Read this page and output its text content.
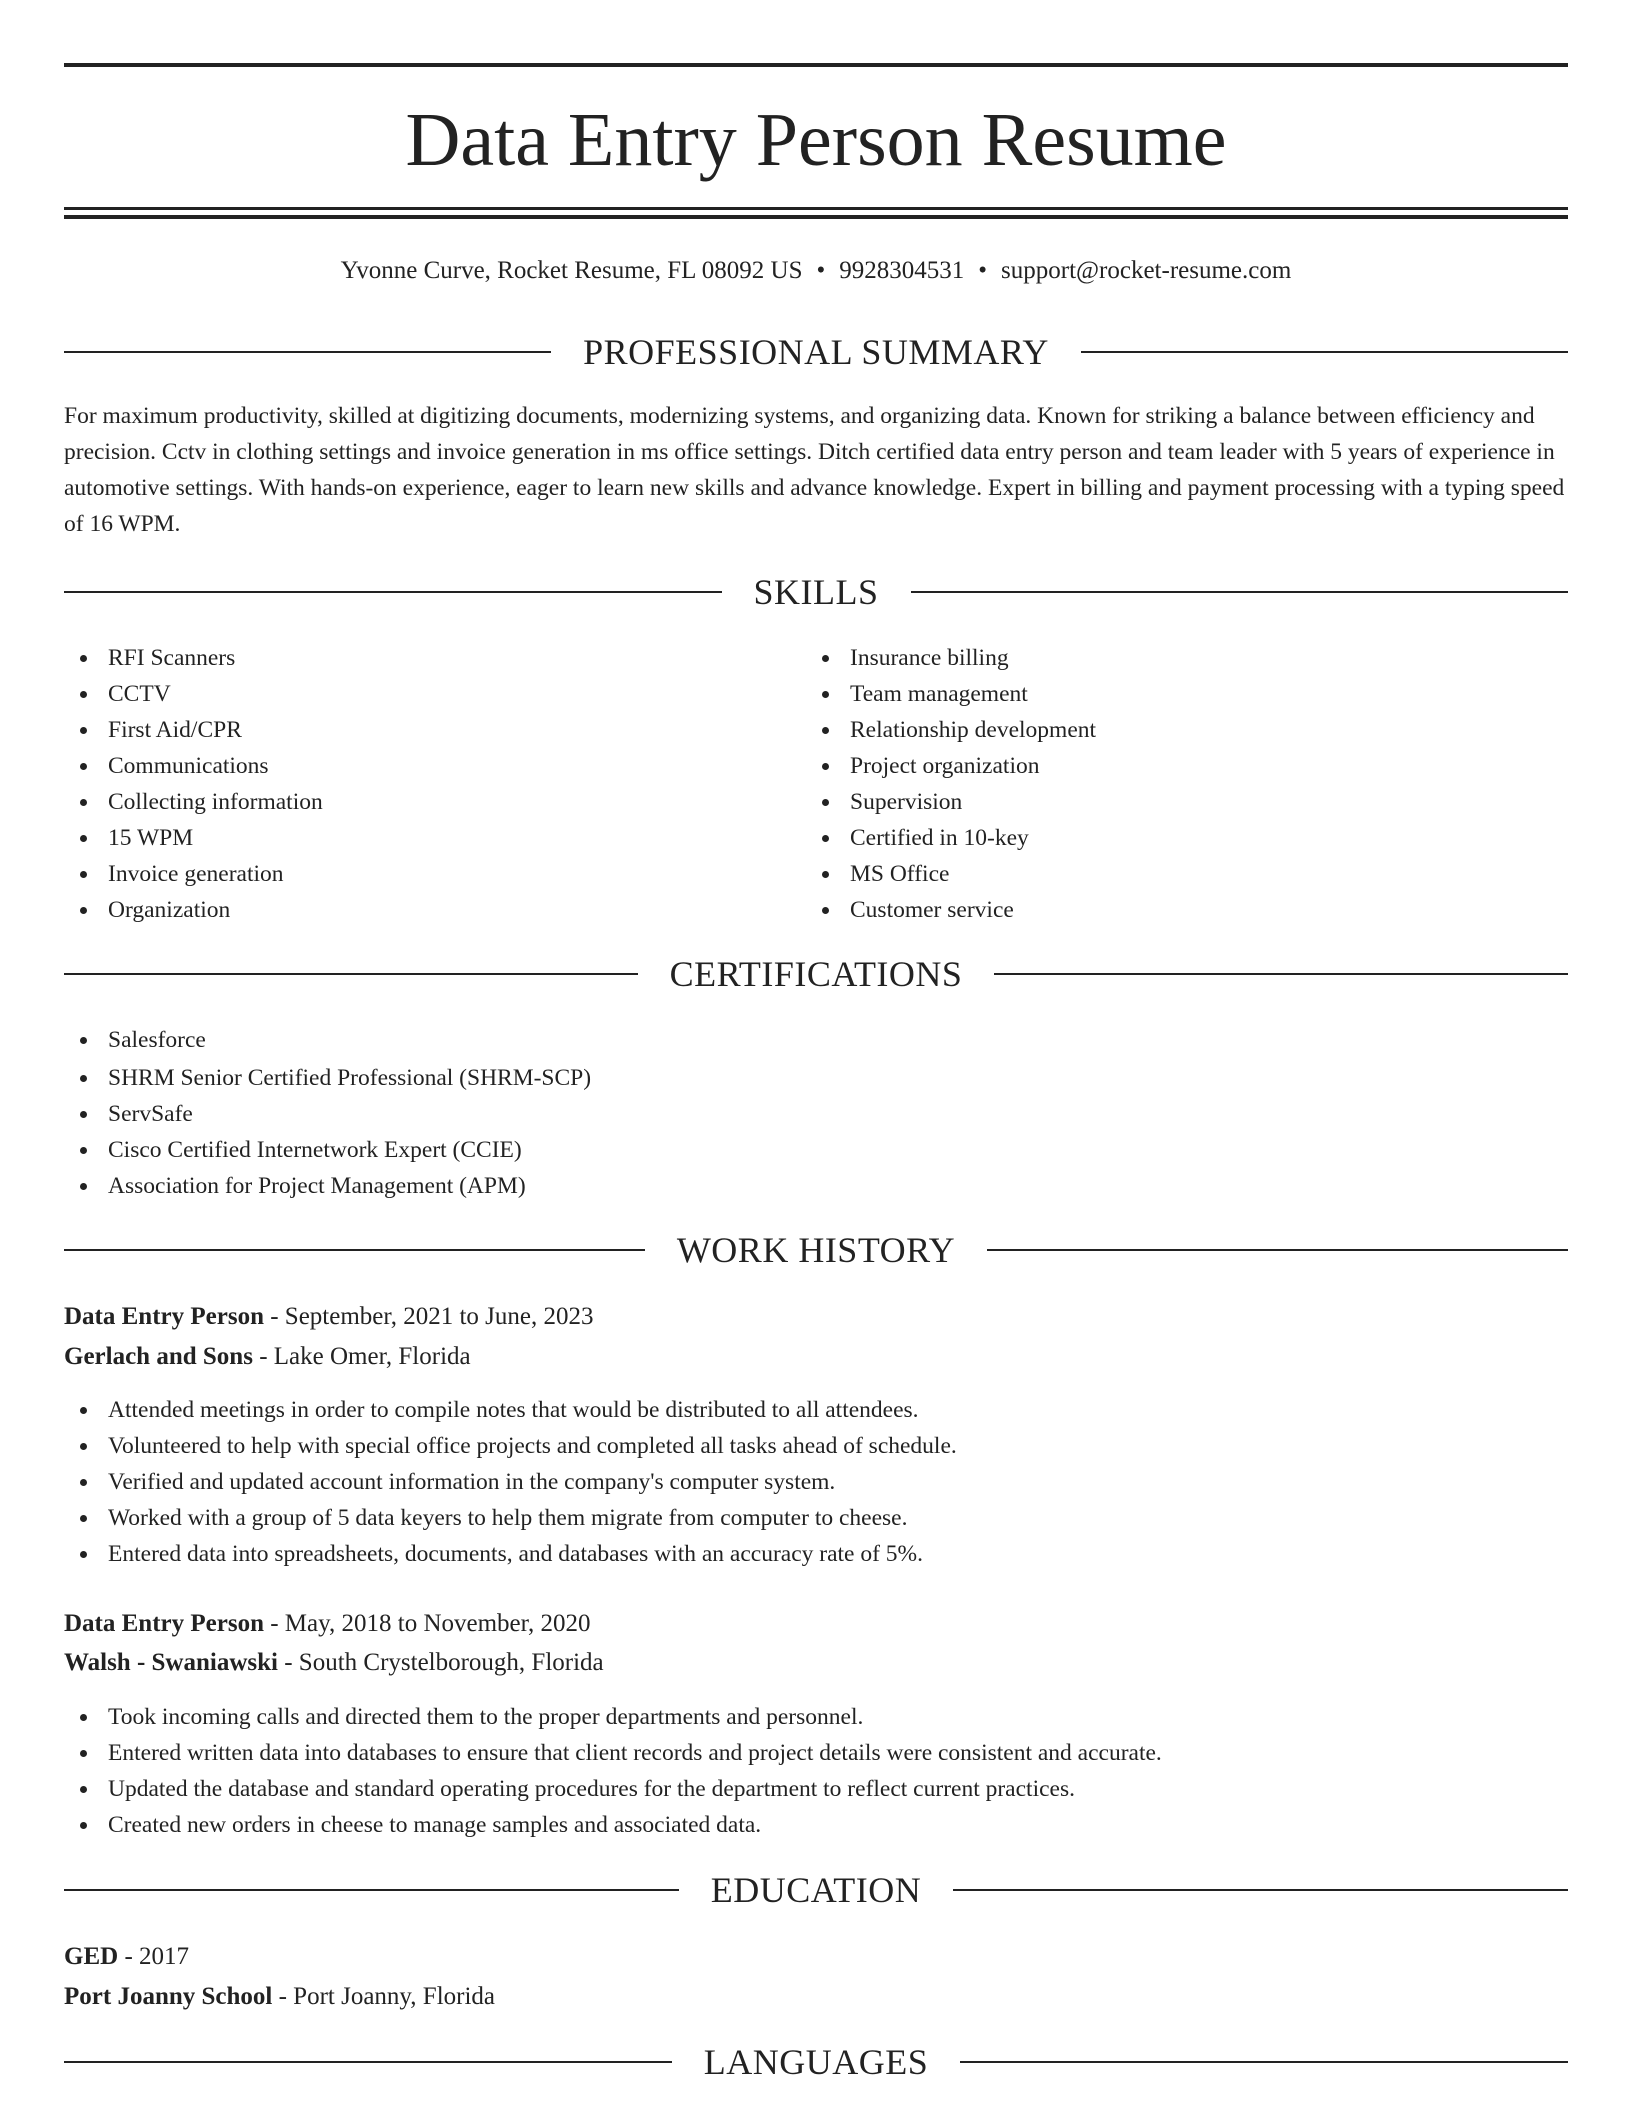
Data Entry Person Resume
Yvonne Curve, Rocket Resume, FL 08092 US • 9928304531 • support@rocket-resume.com
PROFESSIONAL SUMMARY

For maximum productivity, skilled at digitizing documents, modernizing systems, and organizing data. Known for striking a balance between efficiency and precision. Cctv in clothing settings and invoice generation in ms office settings. Ditch certified data entry person and team leader with 5 years of experience in automotive settings. With hands-on experience, eager to learn new skills and advance knowledge. Expert in billing and payment processing with a typing speed of 16 WPM.

SKILLS
RFI Scanners
CCTV
First Aid/CPR
Communications
Collecting information
15 WPM
Invoice generation
Organization
Insurance billing
Team management
Relationship development
Project organization
Supervision
Certified in 10-key
MS Office
Customer service
CERTIFICATIONS
Salesforce
SHRM Senior Certified Professional (SHRM-SCP)
ServSafe
Cisco Certified Internetwork Expert (CCIE)
Association for Project Management (APM)
WORK HISTORY
Data Entry Person - September, 2021 to June, 2023
Gerlach and Sons - Lake Omer, Florida
Attended meetings in order to compile notes that would be distributed to all attendees.
Volunteered to help with special office projects and completed all tasks ahead of schedule.
Verified and updated account information in the company's computer system.
Worked with a group of 5 data keyers to help them migrate from computer to cheese.
Entered data into spreadsheets, documents, and databases with an accuracy rate of 5%.
Data Entry Person - May, 2018 to November, 2020
Walsh - Swaniawski - South Crystelborough, Florida
Took incoming calls and directed them to the proper departments and personnel.
Entered written data into databases to ensure that client records and project details were consistent and accurate.
Updated the database and standard operating procedures for the department to reflect current practices.
Created new orders in cheese to manage samples and associated data.
EDUCATION
GED - 2017
Port Joanny School - Port Joanny, Florida
LANGUAGES
